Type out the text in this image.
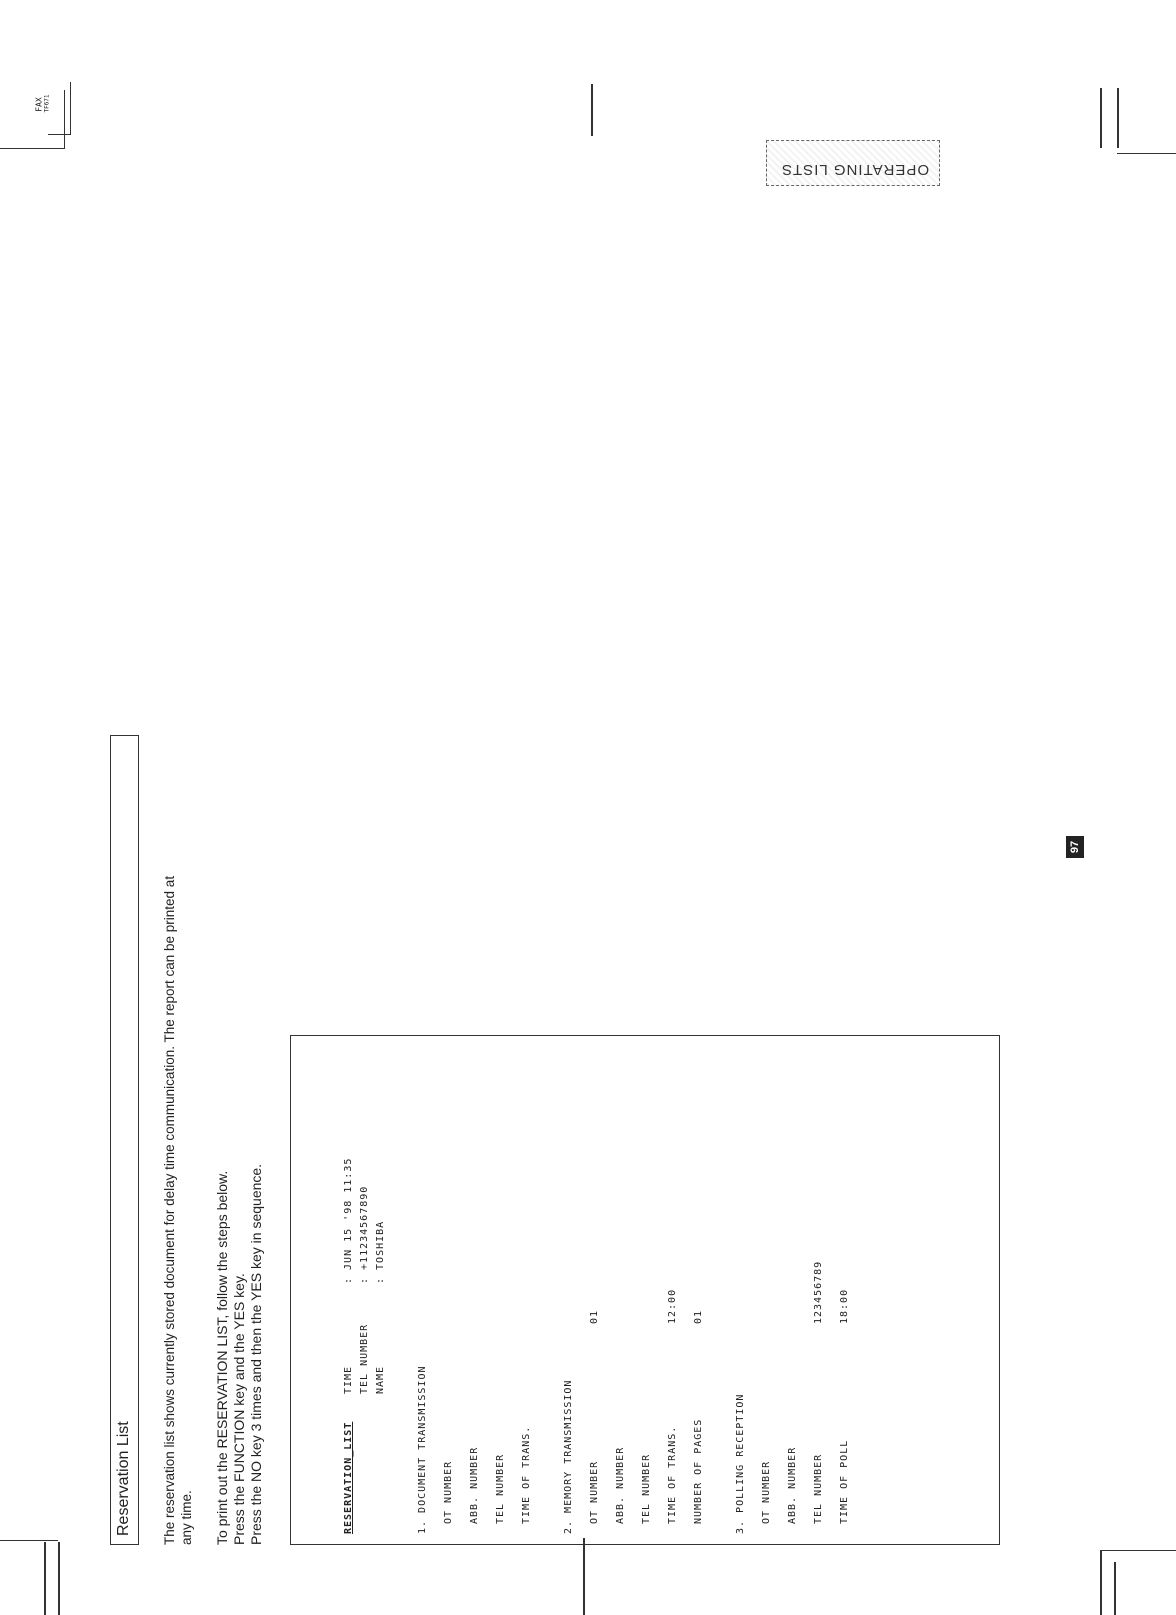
FAX TF671
OPERATING LISTS
97
Reservation List The reservation list shows currently stored document for delay time communication. The report can be printed at any time. To print out the RESERVATION LIST, follow the steps below. Press the FUNCTION key and the YES key. Press the NO key 3 times and then the YES key in sequence.	RESERVATION_LIST
TIME
: JUN 15 '98 11:35
TEL NUMBER
: +11234567890
NAME
: TOSHIBA
1. DOCUMENT TRANSMISSION OT NUMBER ABB. NUMBER TEL NUMBER TIME OF TRANS.	2. MEMORY TRANSMISSION OT NUMBER
01
ABB. NUMBER TEL NUMBER TIME OF TRANS.
12:00
NUMBER OF PAGES
01
3. POLLING RECEPTION OT NUMBER ABB. NUMBER TEL NUMBER
123456789
TIME OF POLL
18:00
